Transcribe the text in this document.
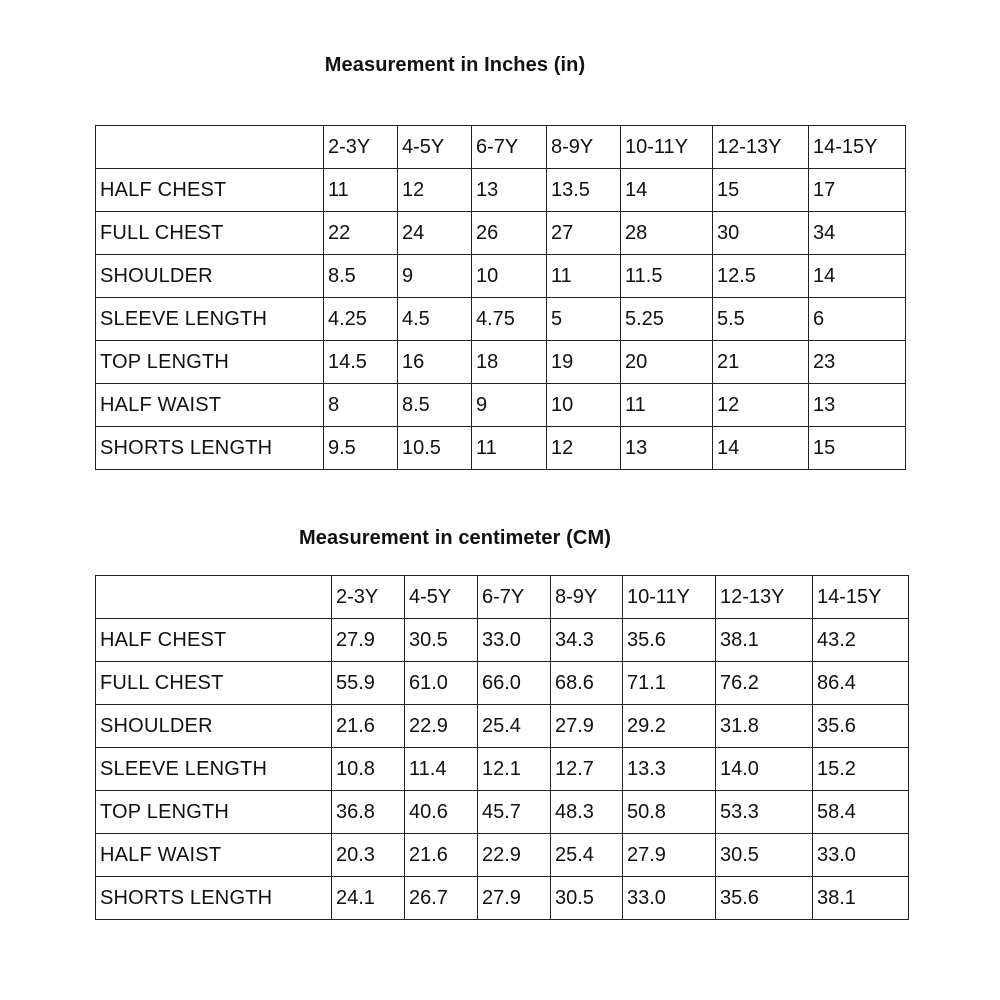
Measurement in Inches (in)
	2-3Y	4-5Y	6-7Y	8-9Y	10-11Y	12-13Y	14-15Y
HALF CHEST	11	12	13	13.5	14	15	17
FULL CHEST	22	24	26	27	28	30	34
SHOULDER	8.5	9	10	11	11.5	12.5	14
SLEEVE LENGTH	4.25	4.5	4.75	5	5.25	5.5	6
TOP LENGTH	14.5	16	18	19	20	21	23
HALF WAIST	8	8.5	9	10	11	12	13
SHORTS LENGTH	9.5	10.5	11	12	13	14	15
Measurement in centimeter (CM)
	2-3Y	4-5Y	6-7Y	8-9Y	10-11Y	12-13Y	14-15Y
HALF CHEST	27.9	30.5	33.0	34.3	35.6	38.1	43.2
FULL CHEST	55.9	61.0	66.0	68.6	71.1	76.2	86.4
SHOULDER	21.6	22.9	25.4	27.9	29.2	31.8	35.6
SLEEVE LENGTH	10.8	11.4	12.1	12.7	13.3	14.0	15.2
TOP LENGTH	36.8	40.6	45.7	48.3	50.8	53.3	58.4
HALF WAIST	20.3	21.6	22.9	25.4	27.9	30.5	33.0
SHORTS LENGTH	24.1	26.7	27.9	30.5	33.0	35.6	38.1
